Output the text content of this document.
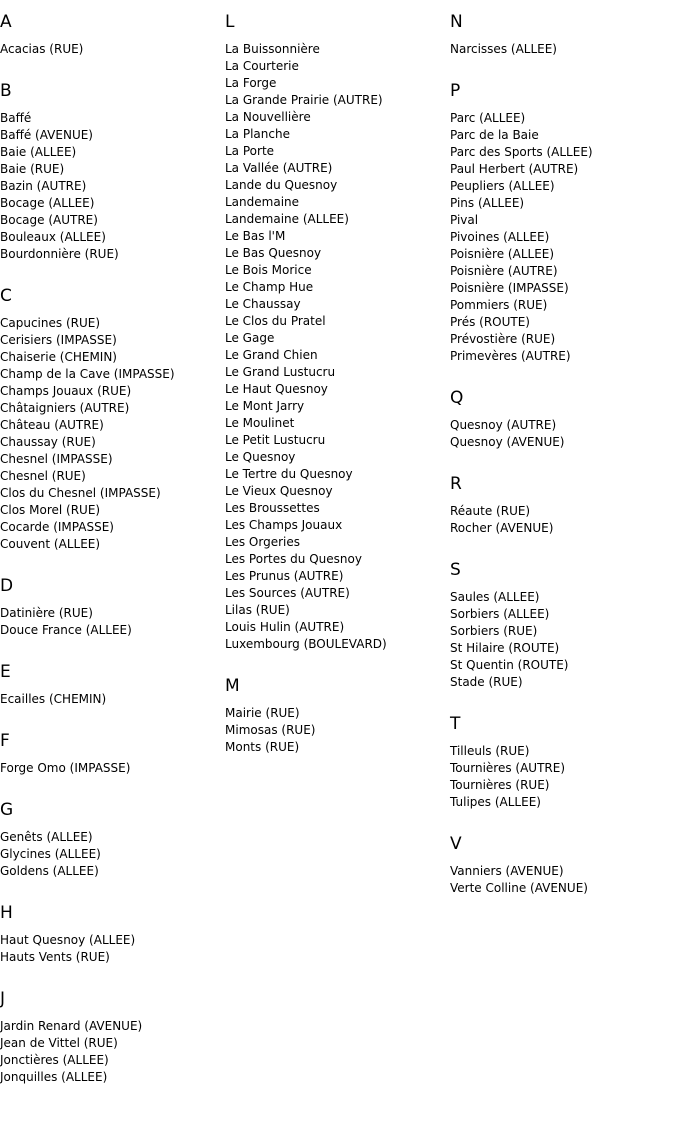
A
Acacias (RUE)
B
Baffé
Baffé (AVENUE)
Baie (ALLEE)
Baie (RUE)
Bazin (AUTRE)
Bocage (ALLEE)
Bocage (AUTRE)
Bouleaux (ALLEE)
Bourdonnière (RUE)
C
Capucines (RUE)
Cerisiers (IMPASSE)
Chaiserie (CHEMIN)
Champ de la Cave (IMPASSE)
Champs Jouaux (RUE)
Châtaigniers (AUTRE)
Château (AUTRE)
Chaussay (RUE)
Chesnel (IMPASSE)
Chesnel (RUE)
Clos du Chesnel (IMPASSE)
Clos Morel (RUE)
Cocarde (IMPASSE)
Couvent (ALLEE)
D
Datinière (RUE)
Douce France (ALLEE)
E
Ecailles (CHEMIN)
F
Forge Omo (IMPASSE)
G
Genêts (ALLEE)
Glycines (ALLEE)
Goldens (ALLEE)
H
Haut Quesnoy (ALLEE)
Hauts Vents (RUE)
J
Jardin Renard (AVENUE)
Jean de Vittel (RUE)
Jonctières (ALLEE)
Jonquilles (ALLEE)
L
La Buissonnière
La Courterie
La Forge
La Grande Prairie (AUTRE)
La Nouvellière
La Planche
La Porte
La Vallée (AUTRE)
Lande du Quesnoy
Landemaine
Landemaine (ALLEE)
Le Bas l'M
Le Bas Quesnoy
Le Bois Morice
Le Champ Hue
Le Chaussay
Le Clos du Pratel
Le Gage
Le Grand Chien
Le Grand Lustucru
Le Haut Quesnoy
Le Mont Jarry
Le Moulinet
Le Petit Lustucru
Le Quesnoy
Le Tertre du Quesnoy
Le Vieux Quesnoy
Les Broussettes
Les Champs Jouaux
Les Orgeries
Les Portes du Quesnoy
Les Prunus (AUTRE)
Les Sources (AUTRE)
Lilas (RUE)
Louis Hulin (AUTRE)
Luxembourg (BOULEVARD)
M
Mairie (RUE)
Mimosas (RUE)
Monts (RUE)
N
Narcisses (ALLEE)
P
Parc (ALLEE)
Parc de la Baie
Parc des Sports (ALLEE)
Paul Herbert (AUTRE)
Peupliers (ALLEE)
Pins (ALLEE)
Pival
Pivoines (ALLEE)
Poisnière (ALLEE)
Poisnière (AUTRE)
Poisnière (IMPASSE)
Pommiers (RUE)
Prés (ROUTE)
Prévostière (RUE)
Primevères (AUTRE)
Q
Quesnoy (AUTRE)
Quesnoy (AVENUE)
R
Réaute (RUE)
Rocher (AVENUE)
S
Saules (ALLEE)
Sorbiers (ALLEE)
Sorbiers (RUE)
St Hilaire (ROUTE)
St Quentin (ROUTE)
Stade (RUE)
T
Tilleuls (RUE)
Tournières (AUTRE)
Tournières (RUE)
Tulipes (ALLEE)
V
Vanniers (AVENUE)
Verte Colline (AVENUE)
